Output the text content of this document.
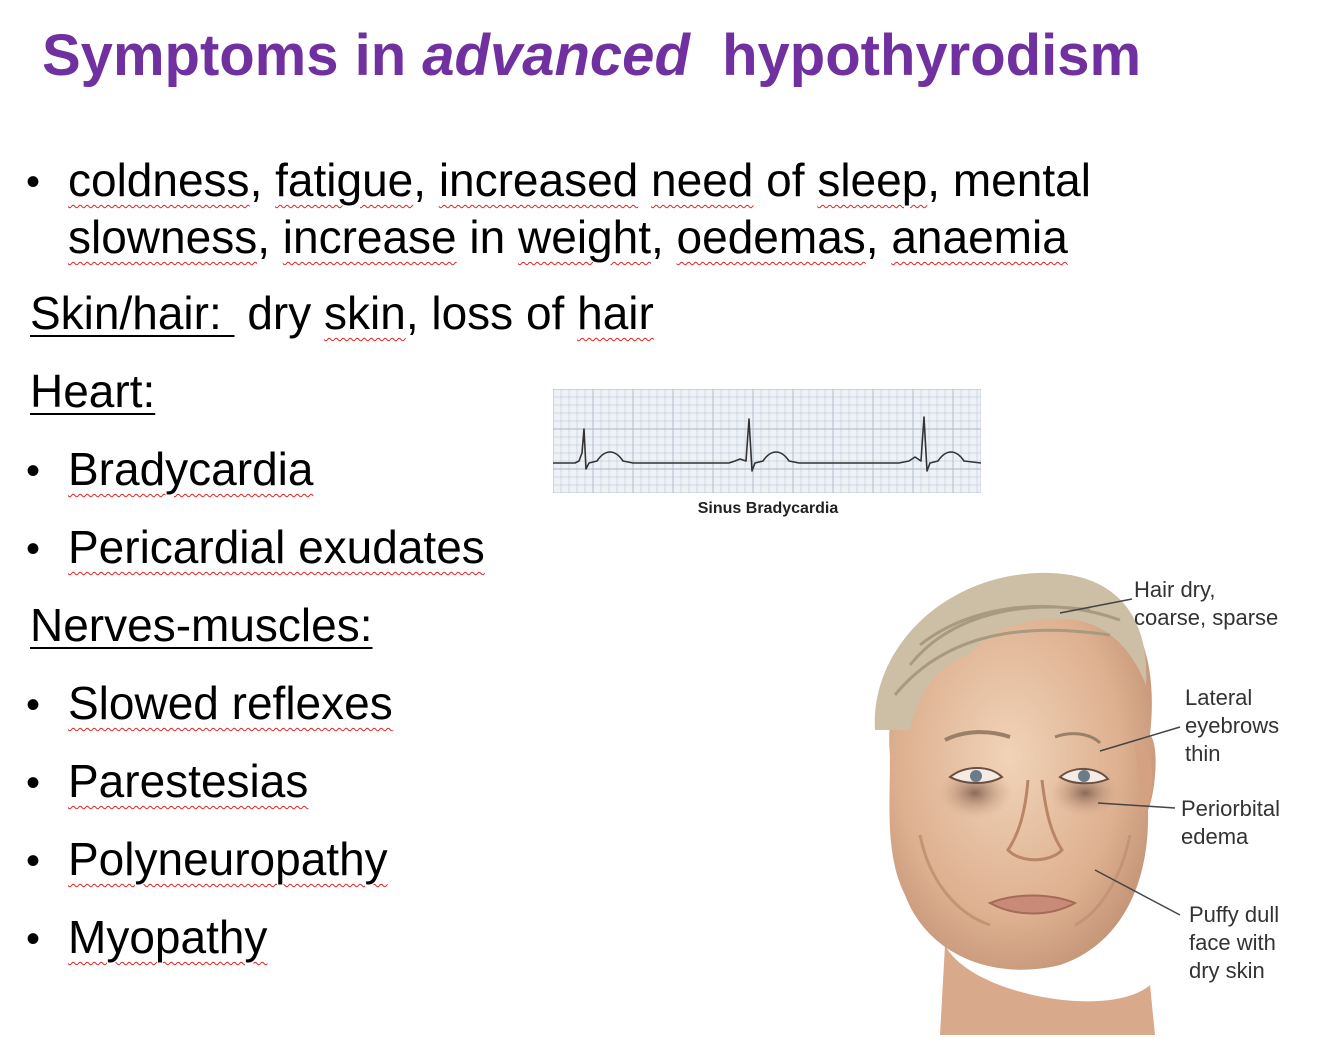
Symptoms in advanced  hypothyrodism
• coldness, fatigue, increased need of sleep, mental
slowness, increase in weight, oedemas, anaemia
Skin/hair:  dry skin, loss of hair
Heart:
• Bradycardia
• Pericardial exudates
Nerves-muscles:
• Slowed reflexes
• Parestesias
• Polyneuropathy
• Myopathy
Sinus Bradycardia
Hair dry,
coarse, sparse
Lateral
eyebrows
thin
Periorbital
edema
Puffy dull
face with
dry skin
